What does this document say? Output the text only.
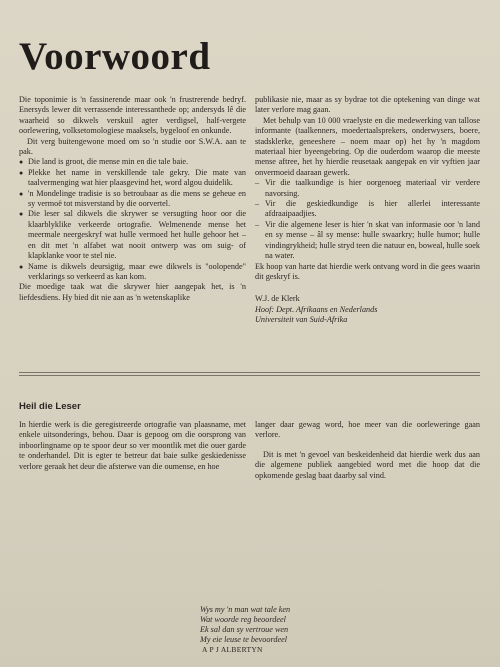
Voorwoord

Die toponimie is 'n fassinerende maar ook 'n frustrerende bedryf. Enersyds lewer dit verrassende interessanthede op; andersyds lê die waarheid so dikwels verskuil agter verdigsel, half-vergete oorlewering, volksetomologiese maaksels, bygeloof en onkunde.

Dit verg buitengewone moed om so 'n studie oor S.W.A. aan te pak.

● Die land is groot, die mense min en die tale baie.
● Plekke het name in verskillende tale gekry. Die mate van taalvermenging wat hier plaasgevind het, word algou duidelik.
● 'n Mondelinge tradisie is so betroubaar as die mens se geheue en sy vermoë tot misverstand by die oorvertel.
● Die leser sal dikwels die skrywer se versugting hoor oor die klaarblyklike verkeerde ortografie. Welmenende mense het meermale neergeskryf wat hulle vermoed het hulle gehoor het – en dit met 'n alfabet wat nooit ontwerp was om suig- of klapklanke voor te stel nie.
● Name is dikwels deursigtig, maar ewe dikwels is "oolopende" verklarings so verkeerd as kan kom.

Die moedige taak wat die skrywer hier aangepak het, is 'n liefdesdiens. Hy bied dit nie aan as 'n wetenskaplike

publikasie nie, maar as sy bydrae tot die optekening van dinge wat later verlore mag gaan.

Met behulp van 10 000 vraelyste en die medewerking van tallose informante (taalkenners, moedertaalsprekers, onderwysers, boere, stadsklerke, geneeshere – noem maar op) het hy 'n magdom materiaal hier byeengebring. Op die ouderdom waarop die meeste mense aftree, het hy hierdie reusetaak aangepak en vir vyftien jaar onvermoeid daaraan gewerk.

– Vir die taalkundige is hier oorgenoeg materiaal vir verdere navorsing.
– Vir die geskiedkundige is hier allerlei interessante afdraaipaadjies.
– Vir die algemene leser is hier 'n skat van informasie oor 'n land en sy mense – âl sy mense: hulle swaarkry; hulle humor; hulle vindingrykheid; hulle stryd teen die natuur en, boweal, hulle soek na water.

Ek hoop van harte dat hierdie werk ontvang word in die gees waarin dit geskryf is.

W.J. de Klerk

Hoof: Dept. Afrikaans en Nederlands

Universiteit van Suid-Afrika

Heil die Leser

In hierdie werk is die geregistreerde ortografie van plaasname, met enkele uitsonderings, behou. Daar is gepoog om die oorsprong van inboorlingname op te spoor deur so ver moontlik met die ouer garde te onderhandel. Dit is egter te betreur dat baie sulke geskiedenisse verlore geraak het deur die afsterwe van die oumense, en hoe

langer daar gewag word, hoe meer van die oorleweringe gaan verlore.

Dit is met 'n gevoel van beskeidenheid dat hierdie werk dus aan die algemene publiek aangebied word met die hoop dat die opkomende geslag baat daarby sal vind.

Wys my 'n man wat tale ken

Wat woorde reg beoordeel

Ek sal dan sy vertroue wen

My eie leuse te bevoordeel

A P J ALBERTYN
